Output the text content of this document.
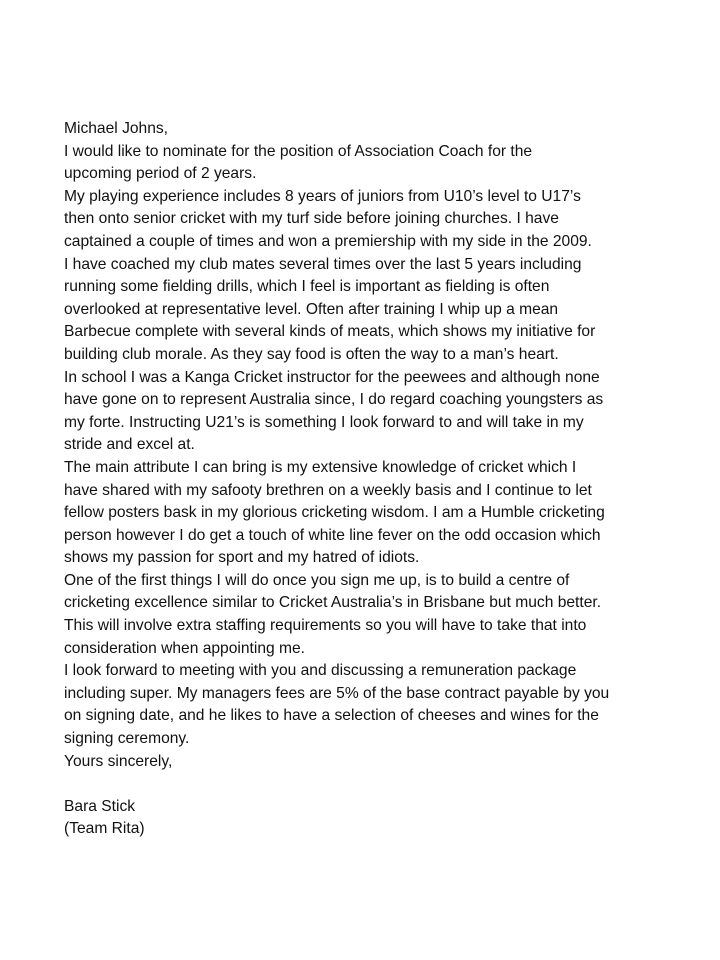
Michael Johns,
I would like to nominate for the position of Association Coach for the
upcoming period of 2 years.
My playing experience includes 8 years of juniors from U10’s level to U17’s
then onto senior cricket with my turf side before joining churches. I have
captained a couple of times and won a premiership with my side in the 2009.
I have coached my club mates several times over the last 5 years including
running some fielding drills, which I feel is important as fielding is often
overlooked at representative level. Often after training I whip up a mean
Barbecue complete with several kinds of meats, which shows my initiative for
building club morale. As they say food is often the way to a man’s heart.
In school I was a Kanga Cricket instructor for the peewees and although none
have gone on to represent Australia since, I do regard coaching youngsters as
my forte. Instructing U21’s is something I look forward to and will take in my
stride and excel at.
The main attribute I can bring is my extensive knowledge of cricket which I
have shared with my safooty brethren on a weekly basis and I continue to let
fellow posters bask in my glorious cricketing wisdom. I am a Humble cricketing
person however I do get a touch of white line fever on the odd occasion which
shows my passion for sport and my hatred of idiots.
One of the first things I will do once you sign me up, is to build a centre of
cricketing excellence similar to Cricket Australia’s in Brisbane but much better.
This will involve extra staffing requirements so you will have to take that into
consideration when appointing me.
I look forward to meeting with you and discussing a remuneration package
including super. My managers fees are 5% of the base contract payable by you
on signing date, and he likes to have a selection of cheeses and wines for the
signing ceremony.
Yours sincerely,
Bara Stick
(Team Rita)
